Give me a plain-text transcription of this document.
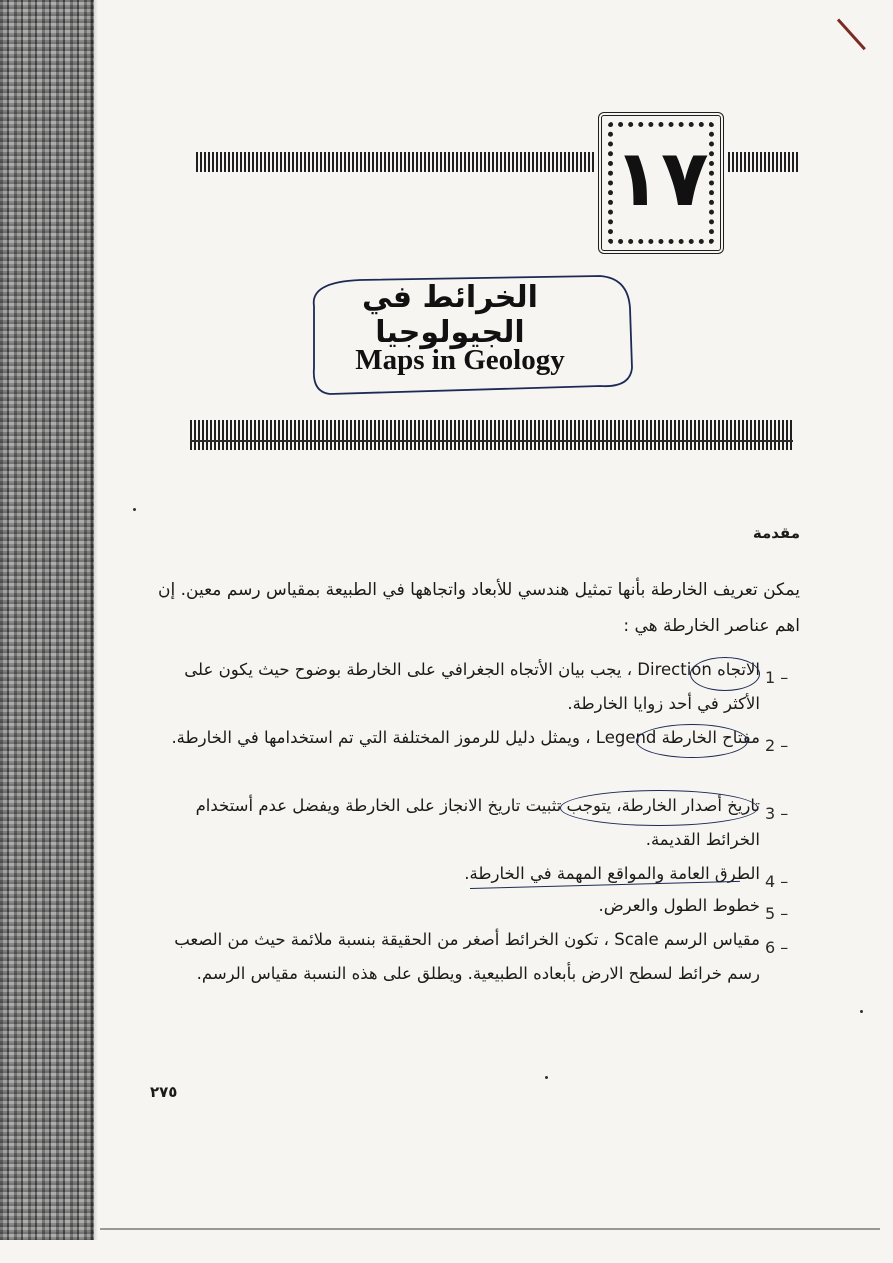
١٧
الخرائط في الجيولوجيا
Maps in Geology
مقدمة
يمكن تعريف الخارطة بأنها تمثيل هندسي للأبعاد واتجاهها في الطبيعة بمقياس رسم معين. إن اهم عناصر الخارطة هي :
1 –
الاتجاه Direction ، يجب بيان الأتجاه الجغرافي على الخارطة بوضوح حيث يكون على الأكثر في أحد زوايا الخارطة.
2 –
مفتاح الخارطة Legend ، ويمثل دليل للرموز المختلفة التي تم استخدامها في الخارطة.
3 –
تاريخ أصدار الخارطة، يتوجب تثبيت تاريخ الانجاز على الخارطة ويفضل عدم أستخدام الخرائط القديمة.
4 –
الطرق العامة والمواقع المهمة في الخارطة.
5 –
خطوط الطول والعرض.
6 –
مقياس الرسم Scale ، تكون الخرائط أصغر من الحقيقة بنسبة ملائمة حيث من الصعب رسم خرائط لسطح الارض بأبعاده الطبيعية. ويطلق على هذه النسبة مقياس الرسم.
٢٧٥
